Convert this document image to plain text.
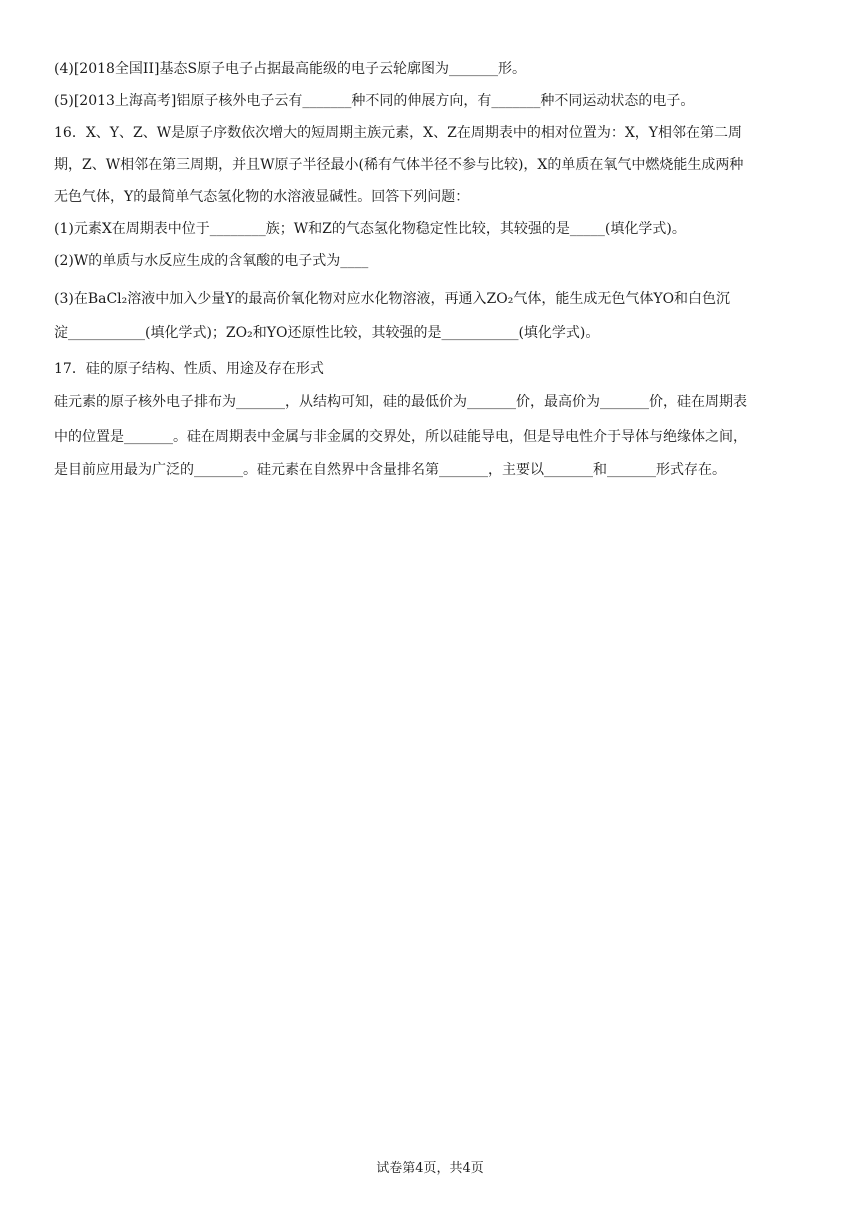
(4)[2018全国II]基态S原子电子占据最高能级的电子云轮廓图为_______形。
(5)[2013上海高考]铝原子核外电子云有_______种不同的伸展方向，有_______种不同运动状态的电子。
16．X、Y、Z、W是原子序数依次增大的短周期主族元素，X、Z在周期表中的相对位置为：X，Y相邻在第二周
期，Z、W相邻在第三周期，并且W原子半径最小(稀有气体半径不参与比较)，X的单质在氧气中燃烧能生成两种
无色气体，Y的最简单气态氢化物的水溶液显碱性。回答下列问题：
(1)元素X在周期表中位于________族；W和Z的气态氢化物稳定性比较，其较强的是_____(填化学式)。
(2)W的单质与水反应生成的含氧酸的电子式为____
(3)在BaCl₂溶液中加入少量Y的最高价氧化物对应水化物溶液，再通入ZO₂气体，能生成无色气体YO和白色沉
淀___________(填化学式)；ZO₂和YO还原性比较，其较强的是___________(填化学式)。
17．硅的原子结构、性质、用途及存在形式
硅元素的原子核外电子排布为_______，从结构可知，硅的最低价为_______价，最高价为_______价，硅在周期表
中的位置是_______。硅在周期表中金属与非金属的交界处，所以硅能导电，但是导电性介于导体与绝缘体之间，
是目前应用最为广泛的_______。硅元素在自然界中含量排名第_______，主要以_______和_______形式存在。
试卷第4页，共4页
